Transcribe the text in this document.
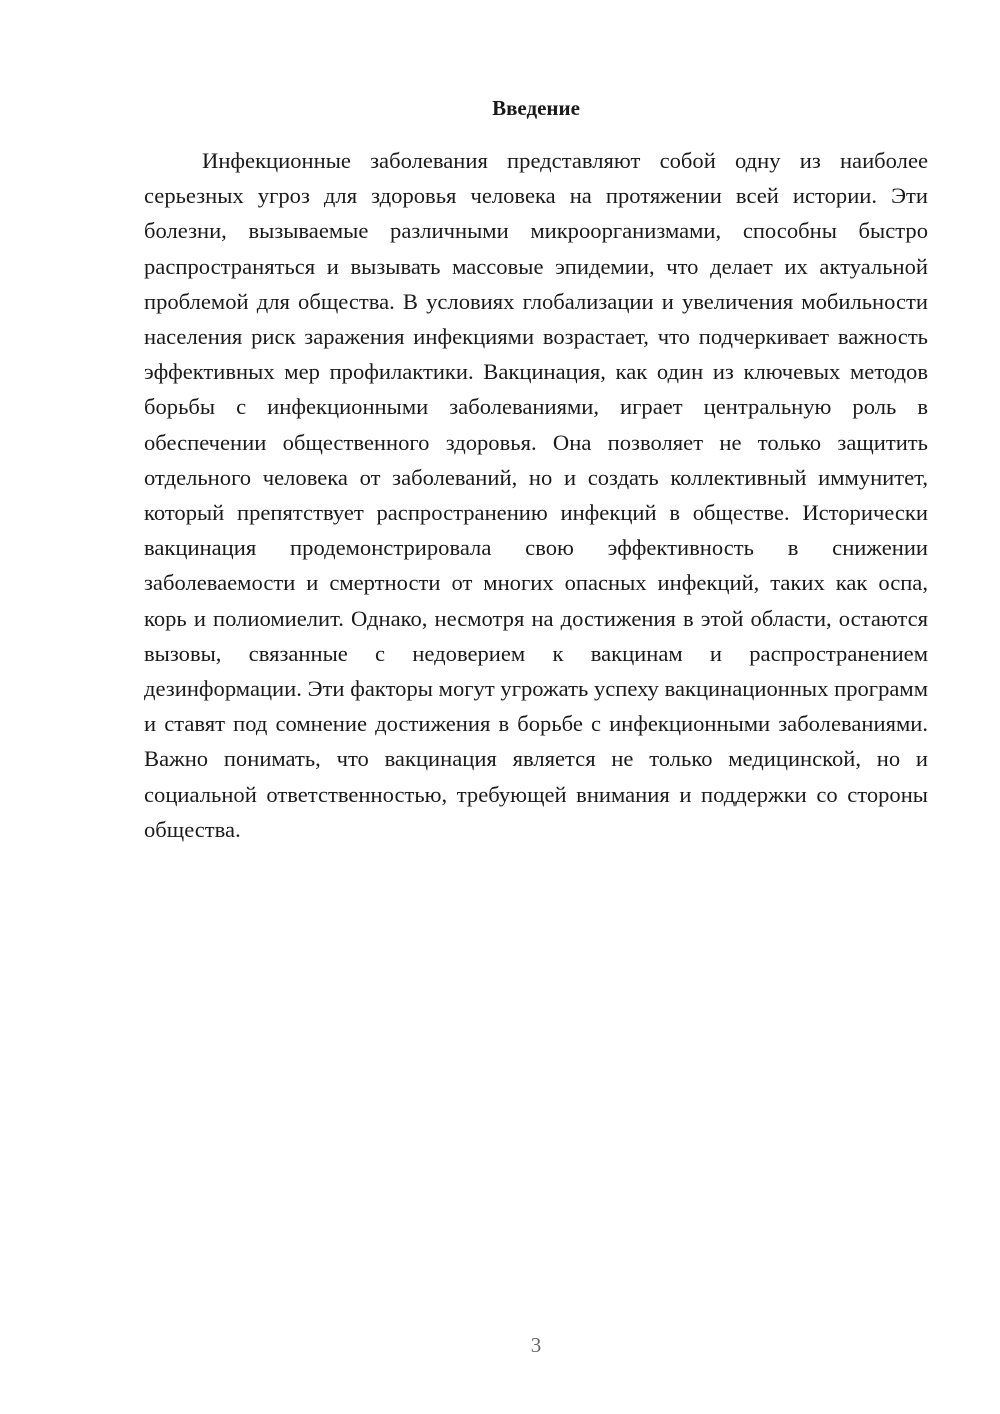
Введение

Инфекционные заболевания представляют собой одну из наиболее серьезных угроз для здоровья человека на протяжении всей истории. Эти болезни, вызываемые различными микроорганизмами, способны быстро распространяться и вызывать массовые эпидемии, что делает их актуальной проблемой для общества. В условиях глобализации и увеличения мобильности населения риск заражения инфекциями возрастает, что подчеркивает важность эффективных мер профилактики. Вакцинация, как один из ключевых методов борьбы с инфекционными заболеваниями, играет центральную роль в обеспечении общественного здоровья. Она позволяет не только защитить отдельного человека от заболеваний, но и создать коллективный иммунитет, который препятствует распространению инфекций в обществе. Исторически вакцинация продемонстрировала свою эффективность в снижении заболеваемости и смертности от многих опасных инфекций, таких как оспа, корь и полиомиелит. Однако, несмотря на достижения в этой области, остаются вызовы, связанные с недоверием к вакцинам и распространением дезинформации. Эти факторы могут угрожать успеху вакцинационных программ и ставят под сомнение достижения в борьбе с инфекционными заболеваниями. Важно понимать, что вакцинация является не только медицинской, но и социальной ответственностью, требующей внимания и поддержки со стороны общества.

3
